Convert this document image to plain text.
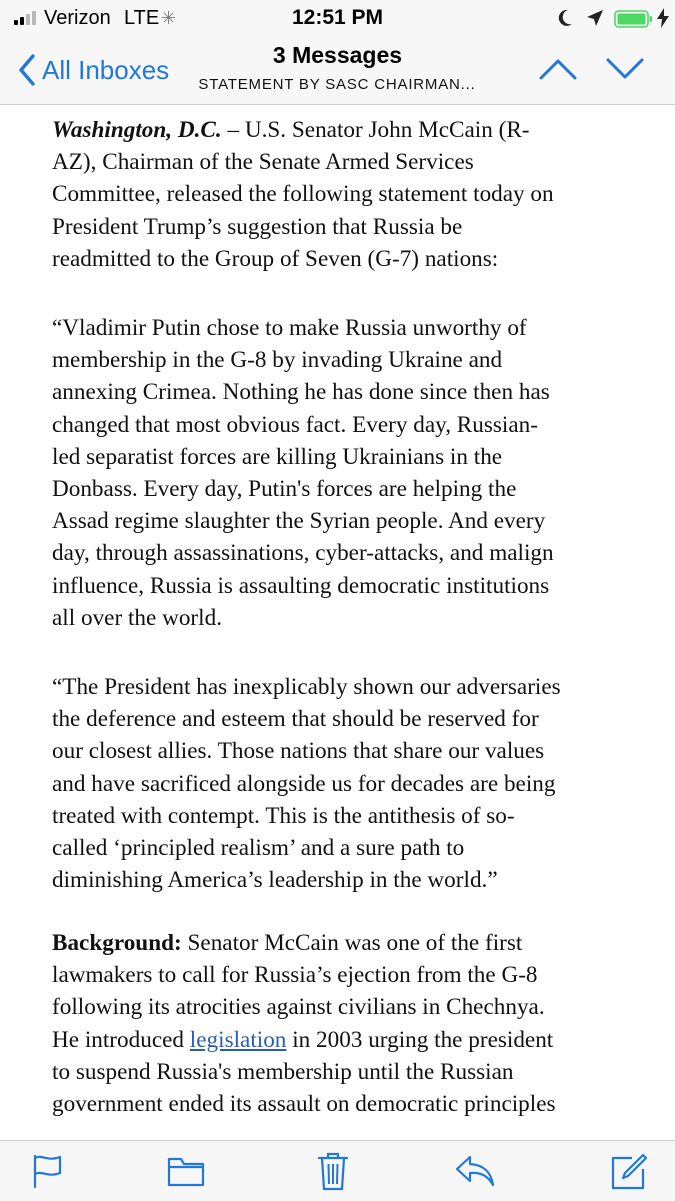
Verizon LTE ✳	12:51 PM
All Inboxes	3 Messages
STATEMENT BY SASC CHAIRMAN...
Washington, D.C. – U.S. Senator John McCain (R-
AZ), Chairman of the Senate Armed Services
Committee, released the following statement today on
President Trump’s suggestion that Russia be
readmitted to the Group of Seven (G-7) nations:
“Vladimir Putin chose to make Russia unworthy of
membership in the G-8 by invading Ukraine and
annexing Crimea. Nothing he has done since then has
changed that most obvious fact. Every day, Russian-
led separatist forces are killing Ukrainians in the
Donbass. Every day, Putin's forces are helping the
Assad regime slaughter the Syrian people. And every
day, through assassinations, cyber-attacks, and malign
influence, Russia is assaulting democratic institutions
all over the world.
“The President has inexplicably shown our adversaries
the deference and esteem that should be reserved for
our closest allies. Those nations that share our values
and have sacrificed alongside us for decades are being
treated with contempt. This is the antithesis of so-
called ‘principled realism’ and a sure path to
diminishing America’s leadership in the world.”
Background: Senator McCain was one of the first
lawmakers to call for Russia’s ejection from the G-8
following its atrocities against civilians in Chechnya.
He introduced legislation in 2003 urging the president
to suspend Russia's membership until the Russian
government ended its assault on democratic principles
